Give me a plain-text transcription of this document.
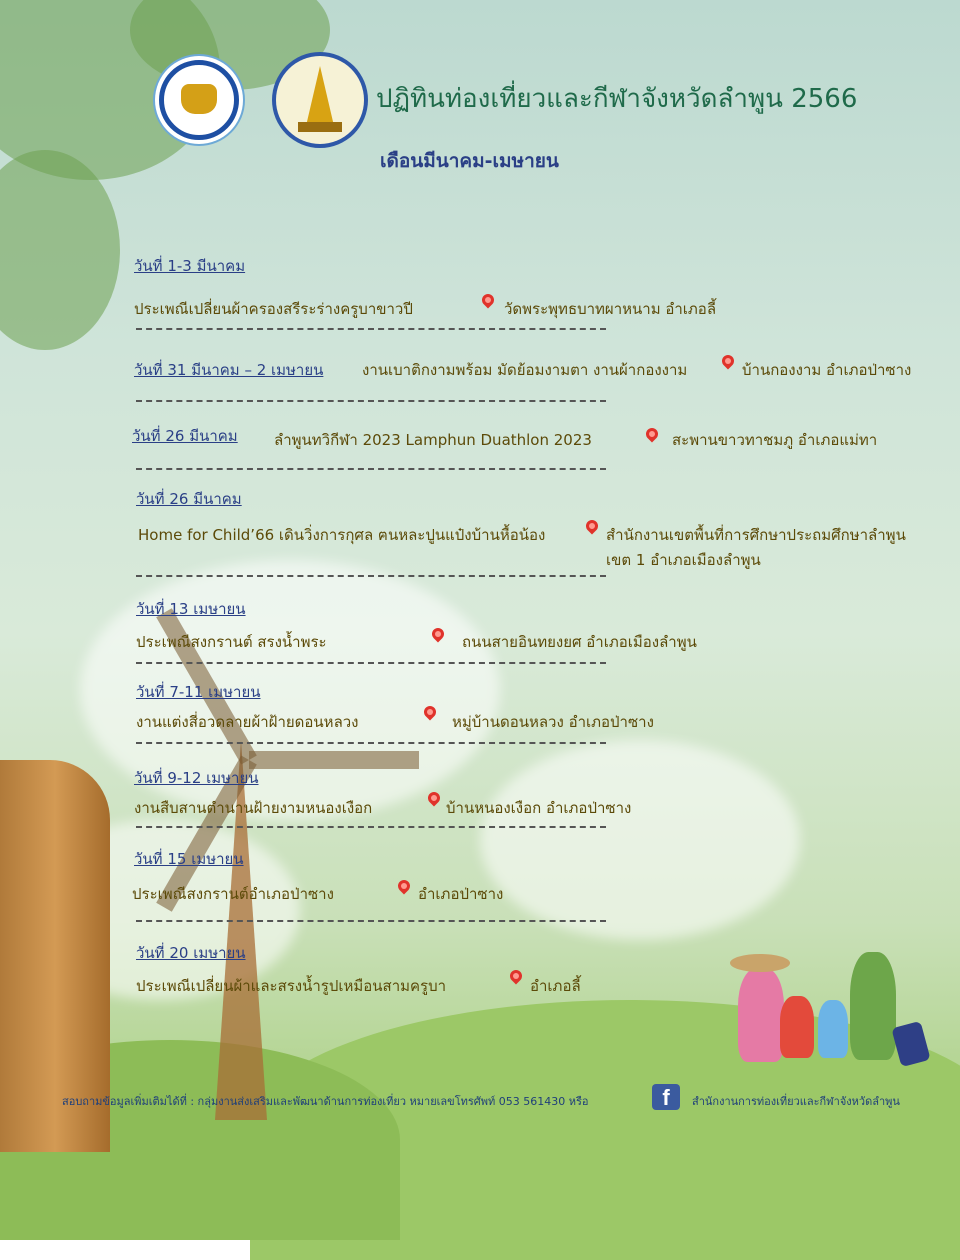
ปฏิทินท่องเที่ยวและกีฬาจังหวัดลำพูน 2566
เดือนมีนาคม-เมษายน
วันที่ 1-3 มีนาคม
ประเพณีเปลี่ยนผ้าครองสรีระร่างครูบาขาวปี	วัดพระพุทธบาทผาหนาม อำเภอลี้
วันที่ 31 มีนาคม – 2 เมษายน	งานเบาติกงามพร้อม มัดย้อมงามตา งานผ้ากองงาม	บ้านกองงาม อำเภอป่าซาง
วันที่ 26 มีนาคม ลำพูนทวิกีฬา 2023 Lamphun Duathlon 2023	สะพานขาวทาชมภู อำเภอแม่ทา
วันที่ 26 มีนาคม
Home for Child’66 เดินวิ่งการกุศล ฅนหละปูนแป๋งบ้านหื้อน้อง	สำนักงานเขตพื้นที่การศึกษาประถมศึกษาลำพูน
เขต 1 อำเภอเมืองลำพูน
วันที่ 13 เมษายน
ประเพณีสงกรานต์ สรงน้ำพระ	ถนนสายอินทยงยศ อำเภอเมืองลำพูน
วันที่ 7-11 เมษายน
งานแต่งสี่อวดลายผ้าฝ้ายดอนหลวง	หมู่บ้านดอนหลวง อำเภอป่าซาง
วันที่ 9-12 เมษายน
งานสืบสานตำนานฝ้ายงามหนองเงือก	บ้านหนองเงือก อำเภอป่าซาง
วันที่ 15 เมษายน
ประเพณีสงกรานต์อำเภอป่าซาง	อำเภอป่าซาง
วันที่ 20 เมษายน
ประเพณีเปลี่ยนผ้าและสรงน้ำรูปเหมือนสามครูบา	อำเภอลี้
สอบถามข้อมูลเพิ่มเติมได้ที่ : กลุ่มงานส่งเสริมและพัฒนาด้านการท่องเที่ยว หมายเลขโทรศัพท์ 053 561430 หรือ	f	สำนักงานการท่องเที่ยวและกีฬาจังหวัดลำพูน
